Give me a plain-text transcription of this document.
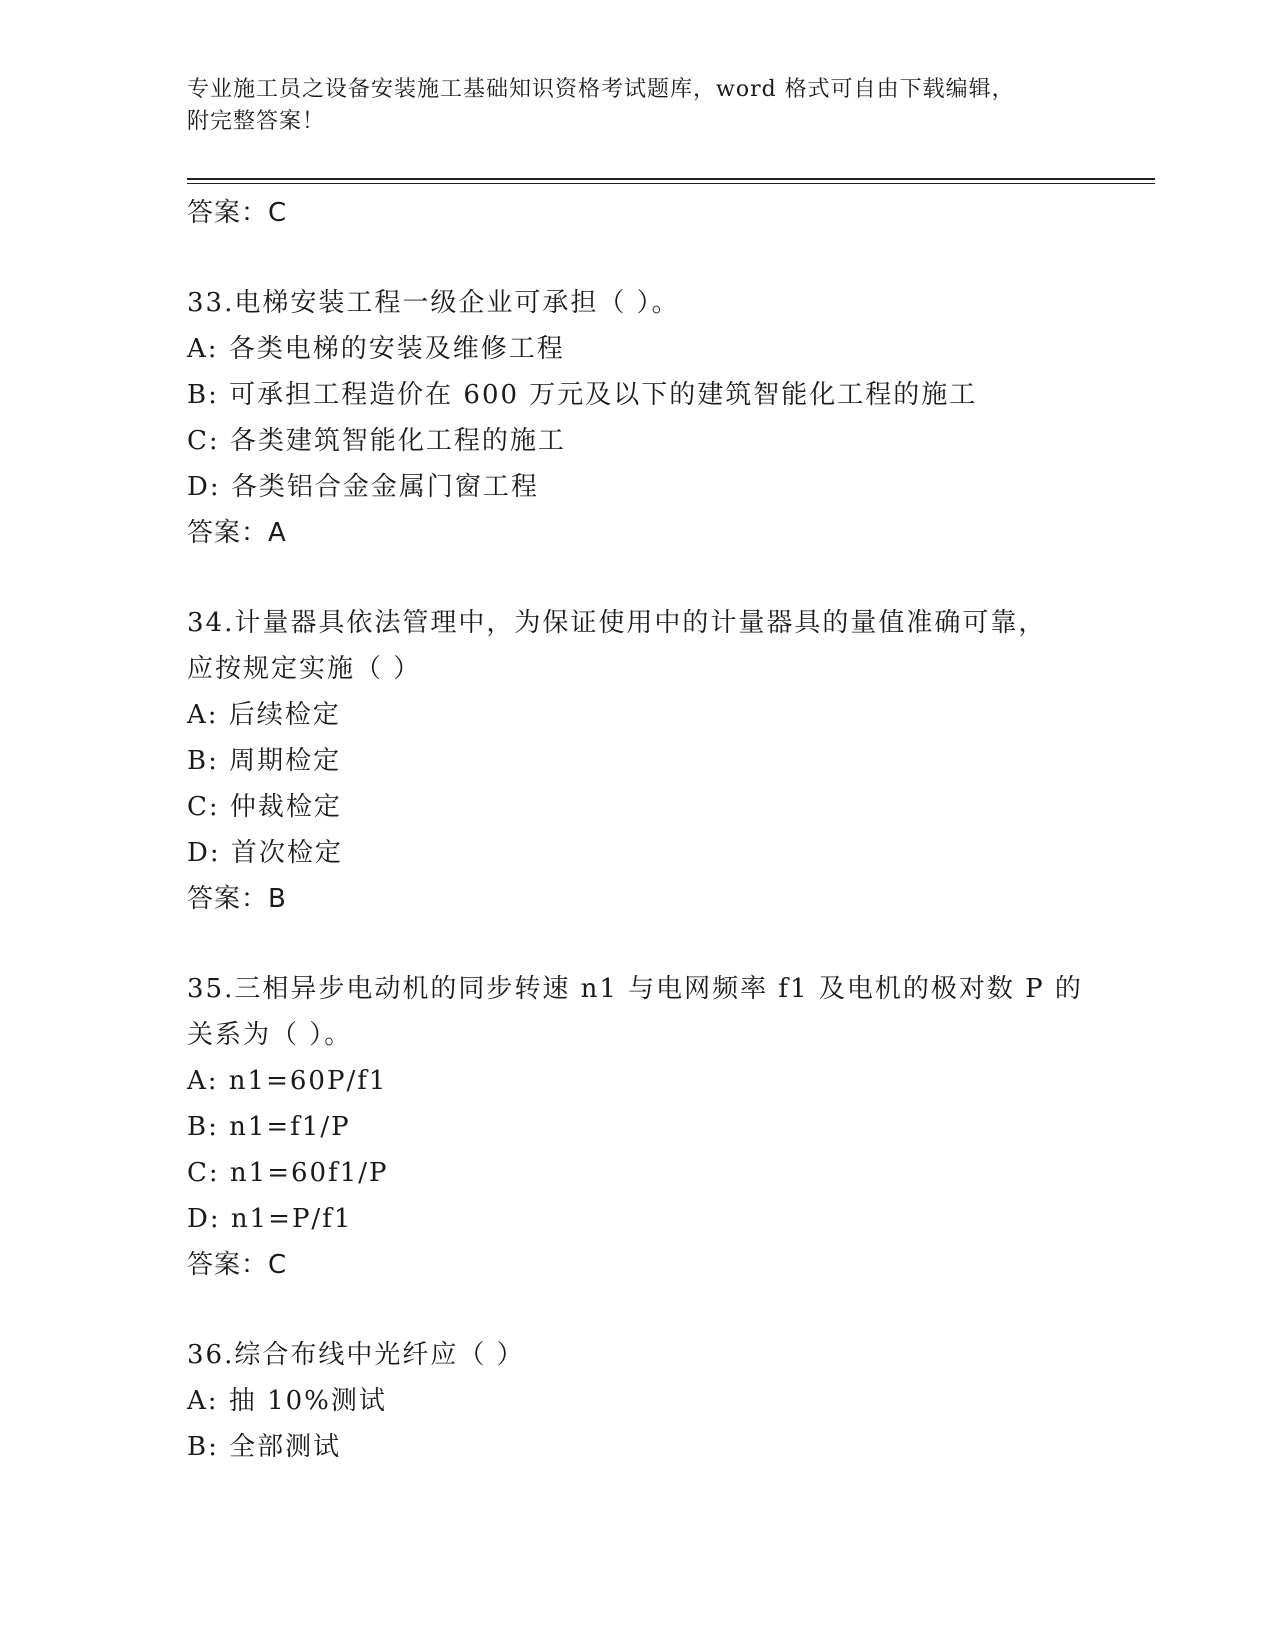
专业施工员之设备安装施工基础知识资格考试题库，word 格式可自由下载编辑，
附完整答案！
答案：C
33.电梯安装工程一级企业可承担（ ）。
A: 各类电梯的安装及维修工程
B: 可承担工程造价在 600 万元及以下的建筑智能化工程的施工
C: 各类建筑智能化工程的施工
D: 各类铝合金金属门窗工程
答案：A
34.计量器具依法管理中，为保证使用中的计量器具的量值准确可靠，
应按规定实施（ ）
A: 后续检定
B: 周期检定
C: 仲裁检定
D: 首次检定
答案：B
35.三相异步电动机的同步转速 n1 与电网频率 f1 及电机的极对数 P 的
关系为（ ）。
A: n1=60P/f1
B: n1=f1/P
C: n1=60f1/P
D: n1=P/f1
答案：C
36.综合布线中光纤应（ ）
A: 抽 10%测试
B: 全部测试
